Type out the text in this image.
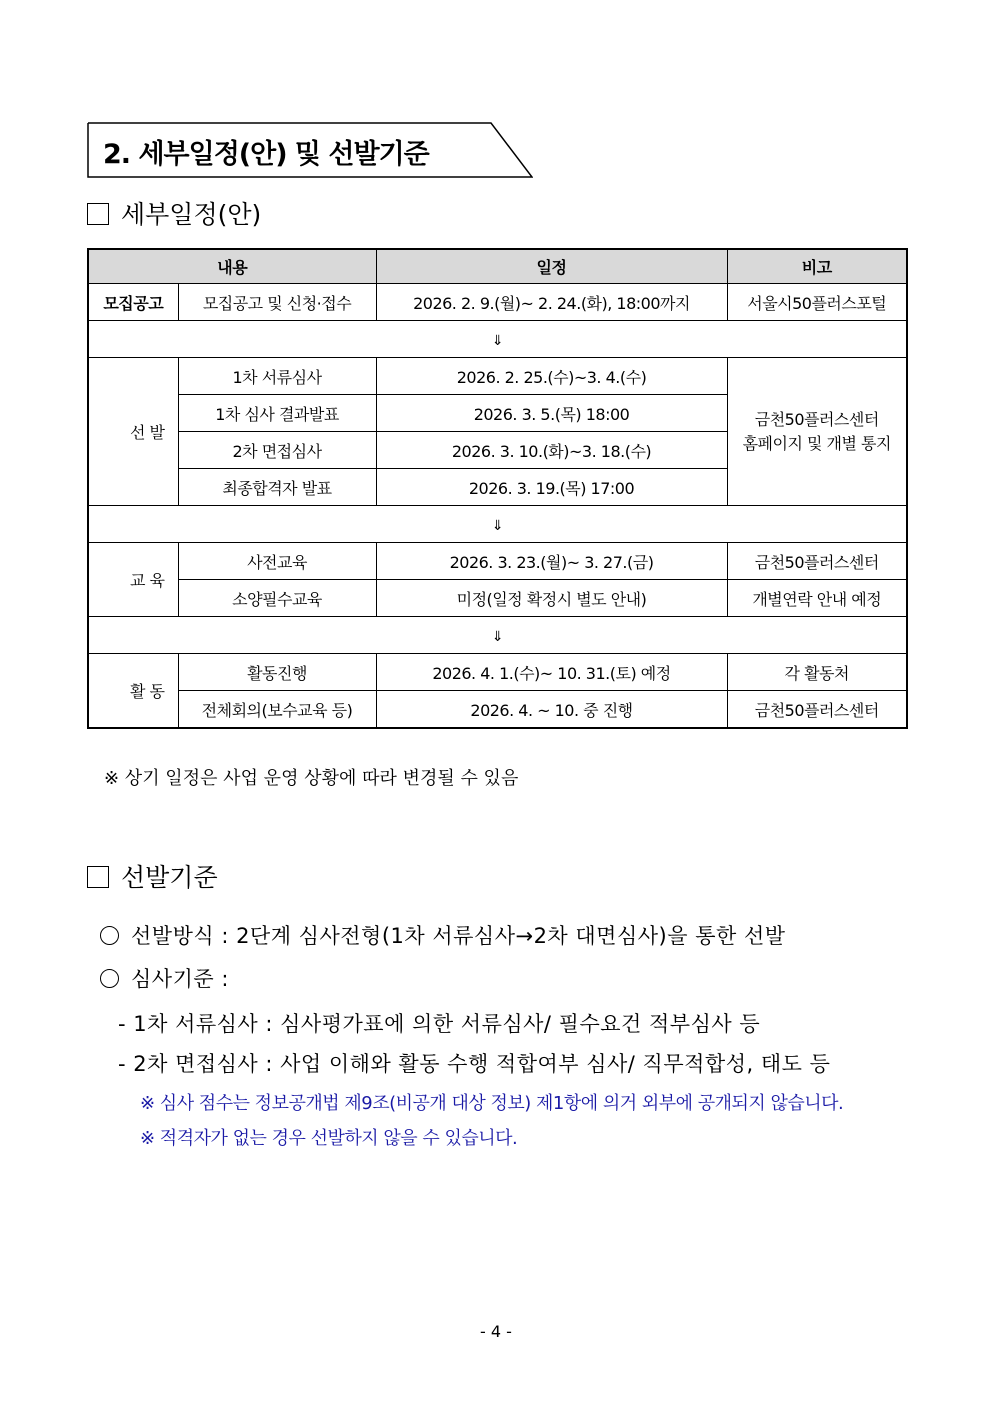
2. 세부일정(안) 및 선발기준
세부일정(안)
내용		일정	비고
모집공고	모집공고 및 신청·접수	2026. 2. 9.(월)~ 2. 24.(화), 18:00까지	서울시50플러스포털
⇓			
선 발	1차 서류심사	2026. 2. 25.(수)~3. 4.(수)	금천50플러스센터
홈페이지 및 개별 통지

	1차 심사 결과발표	2026. 3. 5.(목) 18:00	
	2차 면접심사	2026. 3. 10.(화)~3. 18.(수)	
	최종합격자 발표	2026. 3. 19.(목) 17:00	
⇓			
교 육	사전교육	2026. 3. 23.(월)~ 3. 27.(금)	금천50플러스센터
	소양필수교육	미정(일정 확정시 별도 안내)	개별연락 안내 예정
⇓			
활 동	활동진행	2026. 4. 1.(수)~ 10. 31.(토) 예정	각 활동처
	전체회의(보수교육 등)	2026. 4. ~ 10. 중 진행	금천50플러스센터
※ 상기 일정은 사업 운영 상황에 따라 변경될 수 있음
선발기준
선발방식 : 2단계 심사전형(1차 서류심사→2차 대면심사)을 통한 선발
심사기준 :
- 1차 서류심사 : 심사평가표에 의한 서류심사/ 필수요건 적부심사 등
- 2차 면접심사 : 사업 이해와 활동 수행 적합여부 심사/ 직무적합성, 태도 등
※ 심사 점수는 정보공개법 제9조(비공개 대상 정보) 제1항에 의거 외부에 공개되지 않습니다.
※ 적격자가 없는 경우 선발하지 않을 수 있습니다.
- 4 -
